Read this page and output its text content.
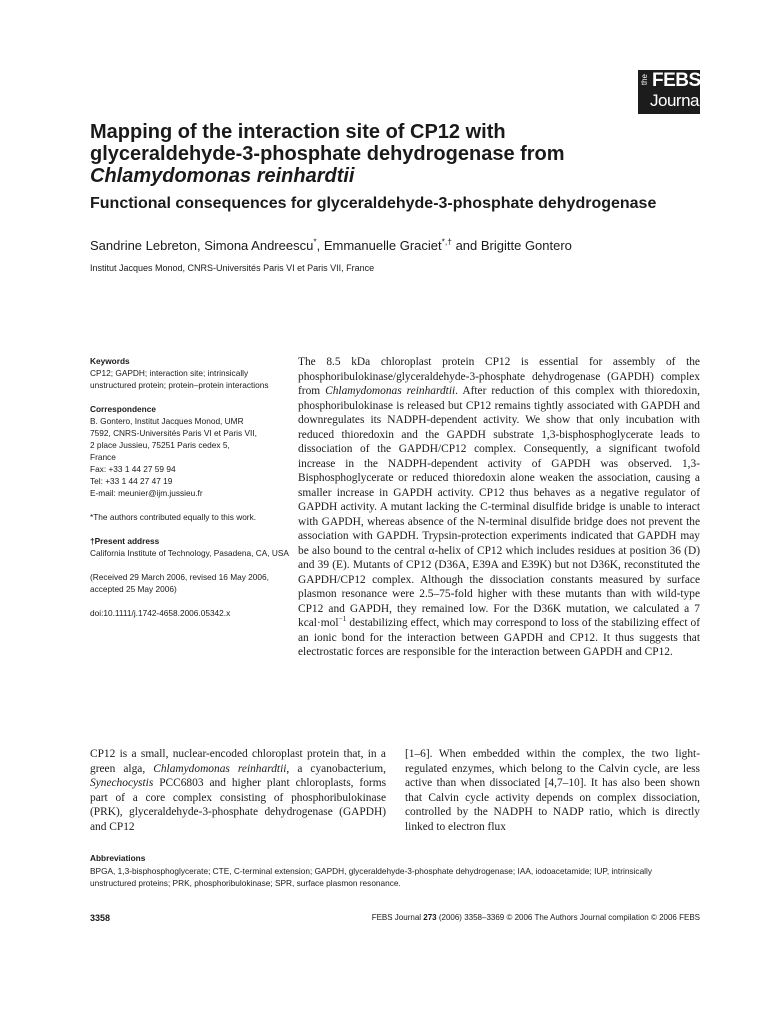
the FEBS
Journal
Mapping of the interaction site of CP12 with
glyceraldehyde-3-phosphate dehydrogenase from
Chlamydomonas reinhardtii
Functional consequences for glyceraldehyde-3-phosphate dehydrogenase
Sandrine Lebreton, Simona Andreescu*, Emmanuelle Graciet*,† and Brigitte Gontero
Institut Jacques Monod, CNRS-Universités Paris VI et Paris VII, France
Keywords
CP12; GAPDH; interaction site; intrinsically unstructured protein; protein–protein interactions
Correspondence
B. Gontero, Institut Jacques Monod, UMR
7592, CNRS-Universités Paris VI et Paris VII,
2 place Jussieu, 75251 Paris cedex 5,
France
Fax: +33 1 44 27 59 94
Tel: +33 1 44 27 47 19
E-mail: meunier@ijm.jussieu.fr
*The authors contributed equally to this work.
†Present address
California Institute of Technology, Pasadena, CA, USA
(Received 29 March 2006, revised 16 May 2006, accepted 25 May 2006)
doi:10.1111/j.1742-4658.2006.05342.x
The 8.5 kDa chloroplast protein CP12 is essential for assembly of the phosphoribulokinase/glyceraldehyde-3-phosphate dehydrogenase (GAPDH) complex from Chlamydomonas reinhardtii. After reduction of this complex with thioredoxin, phosphoribulokinase is released but CP12 remains tightly associated with GAPDH and downregulates its NADPH-dependent activity. We show that only incubation with reduced thioredoxin and the GAPDH substrate 1,3-bisphosphoglycerate leads to dissociation of the GAPDH/CP12 complex. Consequently, a significant twofold increase in the NADPH-dependent activity of GAPDH was observed. 1,3-Bisphosphoglycerate or reduced thioredoxin alone weaken the association, causing a smaller increase in GAPDH activity. CP12 thus behaves as a negative regulator of GAPDH activity. A mutant lacking the C-terminal disulfide bridge is unable to interact with GAPDH, whereas absence of the N-terminal disulfide bridge does not prevent the association with GAPDH. Trypsin-protection experiments indicated that GAPDH may be also bound to the central α-helix of CP12 which includes residues at position 36 (D) and 39 (E). Mutants of CP12 (D36A, E39A and E39K) but not D36K, reconstituted the GAPDH/CP12 complex. Although the dissociation constants measured by surface plasmon resonance were 2.5–75-fold higher with these mutants than with wild-type CP12 and GAPDH, they remained low. For the D36K mutation, we calculated a 7 kcal·mol$^{-1}$ destabilizing effect, which may correspond to loss of the stabilizing effect of an ionic bond for the interaction between GAPDH and CP12. It thus suggests that electrostatic forces are responsible for the interaction between GAPDH and CP12.
CP12 is a small, nuclear-encoded chloroplast protein that, in a green alga, Chlamydomonas reinhardtii, a cyanobacterium, Synechocystis PCC6803 and higher plant chloroplasts, forms part of a core complex consisting of phosphoribulokinase (PRK), glyceraldehyde-3-phosphate dehydrogenase (GAPDH) and CP12
[1–6]. When embedded within the complex, the two light-regulated enzymes, which belong to the Calvin cycle, are less active than when dissociated [4,7–10]. It has also been shown that Calvin cycle activity depends on complex dissociation, controlled by the NADPH to NADP ratio, which is directly linked to electron flux
Abbreviations
BPGA, 1,3-bisphosphoglycerate; CTE, C-terminal extension; GAPDH, glyceraldehyde-3-phosphate dehydrogenase; IAA, iodoacetamide; IUP, intrinsically unstructured proteins; PRK, phosphoribulokinase; SPR, surface plasmon resonance.
3358	FEBS Journal 273 (2006) 3358–3369 © 2006 The Authors Journal compilation © 2006 FEBS
